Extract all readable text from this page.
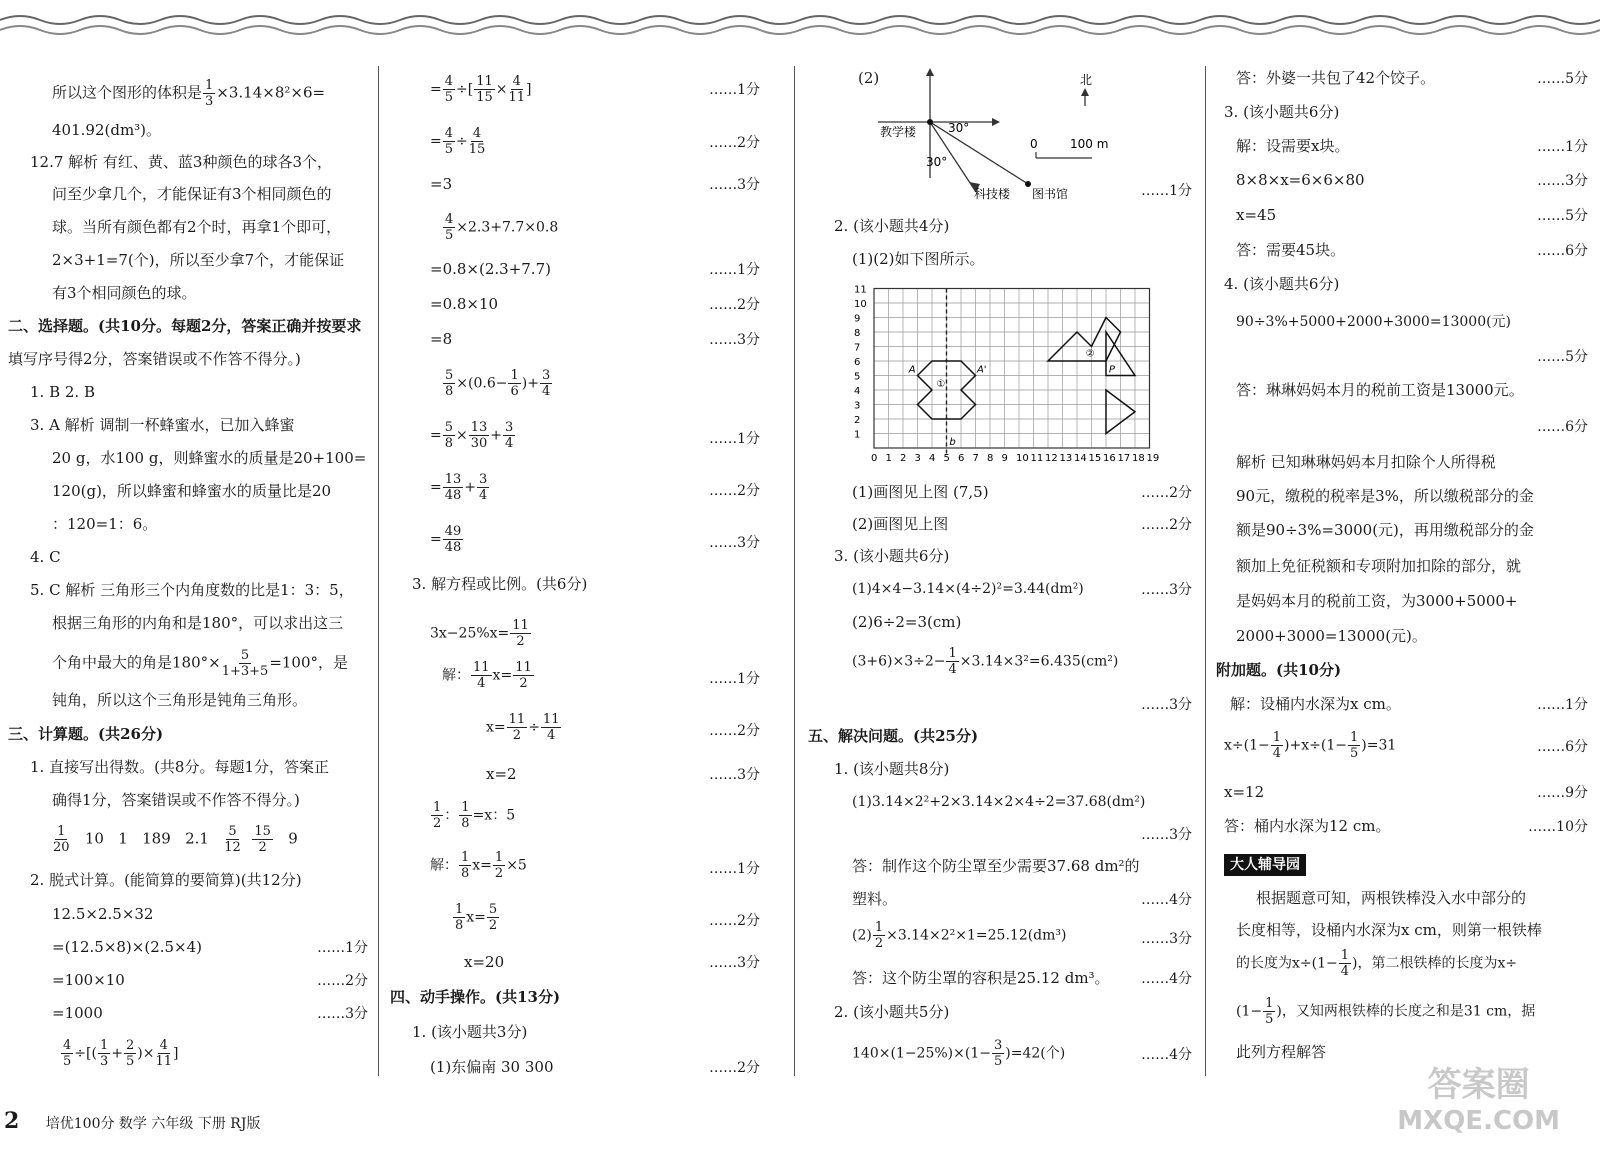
所以这个图形的体积是 $\frac{1}{3} \times 3.14\times 8^2\times 6=$
401.92(dm³)。
12.7 解析 有红、黄、蓝3种颜色的球各3个，
问至少拿几个，才能保证有3个相同颜色的
球。当所有颜色都有2个时，再拿1个即可，
2×3+1=7(个)，所以至少拿7个，才能保证
有3个相同颜色的球。
二、选择题。(共10分。每题2分，答案正确并按要求
填写序号得2分，答案错误或不作答不得分。)
1. B 2. B
3. A 解析 调制一杯蜂蜜水，已加入蜂蜜
20 g，水100 g，则蜂蜜水的质量是20+100=
120(g)，所以蜂蜜和蜂蜜水的质量比是20
：120=1：6。
4. C
5. C 解析 三角形三个内角度数的比是1：3：5，
根据三角形的内角和是180°，可以求出这三
个角中最大的角是$180^\circ\times \frac{5}{1+3+5} =100^\circ$，是
钝角，所以这个三角形是钝角三角形。
三、计算题。(共26分)
1. 直接写出得数。(共8分。每题1分，答案正
确得1分，答案错误或不作答不得分。)
$\frac{1}{20} 10$ 1 189 $2.1 \frac{5}{12}$
$\frac{15}{2} 9$
2. 脱式计算。(能简算的要简算)(共12分)
12.5×2.5×32
=(12.5×8)×(2.5×4)	……1分
=100×10	……2分
=1000	……3分
$\frac{4}{5}$ ÷[( $\frac{1}{3} + \frac{2}{5}$ )× $\frac{4}{11}$ ]
= $\frac{4}{5}$ ÷[ $\frac{11}{15} \times \frac{4}{11}$ ]	……1分
= $\frac{4}{5} \div \frac{4}{15}$	……2分
=3	……3分
$\frac{4}{5} \times 2.3+7.7\times 0.8$
=0.8×(2.3+7.7)	……1分
=0.8×10	……2分
=8	……3分
$\frac{5}{8} \times(0.6- \frac{1}{6}$ )+ $\frac{3}{4}$
= $\frac{5}{8} \times \frac{13}{30} + \frac{3}{4}$	……1分
= $\frac{13}{48} + \frac{3}{4}$	……2分
= $\frac{49}{48}$	……3分
3. 解方程或比例。(共6分)
$3x-25\%x= \frac{11}{2}$
解： $\frac{11}{4} x= \frac{11}{2}$	……1分
$x= \frac{11}{2} \div \frac{11}{4}$	……2分
x=2	……3分
$\frac{1}{2}$ ： $\frac{1}{8} =x$：5
解： $\frac{1}{8} x= \frac{1}{2} \times 5$	……1分
$\frac{1}{8} x= \frac{5}{2}$	……2分
x=20	……3分
四、动手操作。(共13分)
1. (该小题共3分)
(1)东偏南 30 300	……2分
(2)
教学楼	30°
30°
科技楼 图书馆
北
0	100 m
……1分
2. (该小题共4分)
(1)(2)如下图所示。
0 1 2 3 4 5 6 7 8 9 10 11 12 13 14 15 16 17 18 19
1
2
3
4
5
6
7
8
9
10
11
A	A'
b
P
①
②
(1)画图见上图 (7,5)	……2分
(2)画图见上图	……2分
3. (该小题共6分)
(1)4×4−3.14×(4÷2)²=3.44(dm²)	……3分
(2)6÷2=3(cm)
$(3+6)\times 3\div 2- \frac{1}{4} \times 3.14\times 3^2=6.435(cm^2)$
……3分
五、解决问题。(共25分)
1. (该小题共8分)
(1)3.14×2²+2×3.14×2×4÷2=37.68(dm²)
……3分
答：制作这个防尘罩至少需要37.68 dm²的
塑料。	……4分
$(2) \frac{1}{2} \times 3.14\times 2^2\times 1=25.12(dm^3)$	……3分
答：这个防尘罩的容积是25.12 dm³。	……4分
2. (该小题共5分)
$140\times(1-25\%)\times(1- \frac{3}{5} )=42$(个)	……4分
答：外婆一共包了42个饺子。	……5分
3. (该小题共6分)
解：设需要x块。	……1分
8×8×x=6×6×80	……3分
x=45	……5分
答：需要45块。	……6分
4. (该小题共6分)
90÷3%+5000+2000+3000=13000(元)
……5分
答：琳琳妈妈本月的税前工资是13000元。
……6分
解析 已知琳琳妈妈本月扣除个人所得税
90元，缴税的税率是3%，所以缴税部分的金
额是90÷3%=3000(元)，再用缴税部分的金
额加上免征税额和专项附加扣除的部分，就
是妈妈本月的税前工资，为3000+5000+
2000+3000=13000(元)。
附加题。(共10分)
解：设桶内水深为x cm。	……1分
$x\div(1- \frac{1}{4} )+x\div(1- \frac{1}{5} )=31$	……6分
x=12	……9分
答：桶内水深为12 cm。	……10分
大人辅导园
根据题意可知，两根铁棒没入水中部分的
长度相等，设桶内水深为x cm，则第一根铁棒
的长度为$x\div(1- \frac{1}{4}$ )，第二根铁棒的长度为x÷
($1- \frac{1}{5}$ )，又知两根铁棒的长度之和是31 cm，据
此列方程解答
2 培优100分 数学 六年级 下册 RJ版
答案圈
MXQE.COM
